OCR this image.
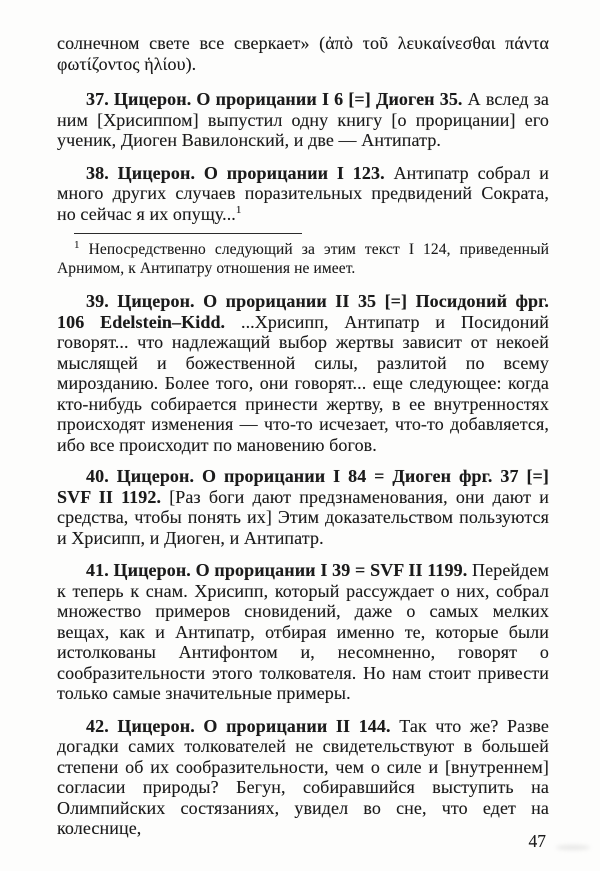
солнечном свете все сверкает» (ἀπὸ τοῦ λευκαίνεσθαι πάντα φωτίζοντος ἡλίου).

37. Цицерон. О прорицании I 6 [=] Диоген 35. А вслед за ним [Хрисиппом] выпустил одну книгу [о прорицании] его ученик, Диоген Вавилонский, и две — Антипатр.

38. Цицерон. О прорицании I 123. Антипатр собрал и много других случаев поразительных предвидений Сократа, но сейчас я их опущу...$^1$

$^1$ Непосредственно следующий за этим текст I 124, приведенный Арнимом, к Антипатру отношения не имеет.

39. Цицерон. О прорицании II 35 [=] Посидоний фрг. 106 Edelstein–Kidd. ...Хрисипп, Антипатр и Посидоний говорят... что надлежащий выбор жертвы зависит от некоей мыслящей и божественной силы, разлитой по всему мирозданию. Более того, они говорят... еще следующее: когда кто-нибудь собирается принести жертву, в ее внутренностях происходят изменения — что-то исчезает, что-то добавляется, ибо все происходит по мановению богов.

40. Цицерон. О прорицании I 84 = Диоген фрг. 37 [=] SVF II 1192. [Раз боги дают предзнаменования, они дают и средства, чтобы понять их] Этим доказательством пользуются и Хрисипп, и Диоген, и Антипатр.

41. Цицерон. О прорицании I 39 = SVF II 1199. Перейдем к теперь к снам. Хрисипп, который рассуждает о них, собрал множество примеров сновидений, даже о самых мелких вещах, как и Антипатр, отбирая именно те, которые были истолкованы Антифонтом и, несомненно, говорят о сообразительности этого толкователя. Но нам стоит привести только самые значительные примеры.

42. Цицерон. О прорицании II 144. Так что же? Разве догадки самих толкователей не свидетельствуют в большей степени об их сообразительности, чем о силе и [внутреннем] согласии природы? Бегун, собиравшийся выступить на Олимпийских состязаниях, увидел во сне, что едет на колеснице,

47
